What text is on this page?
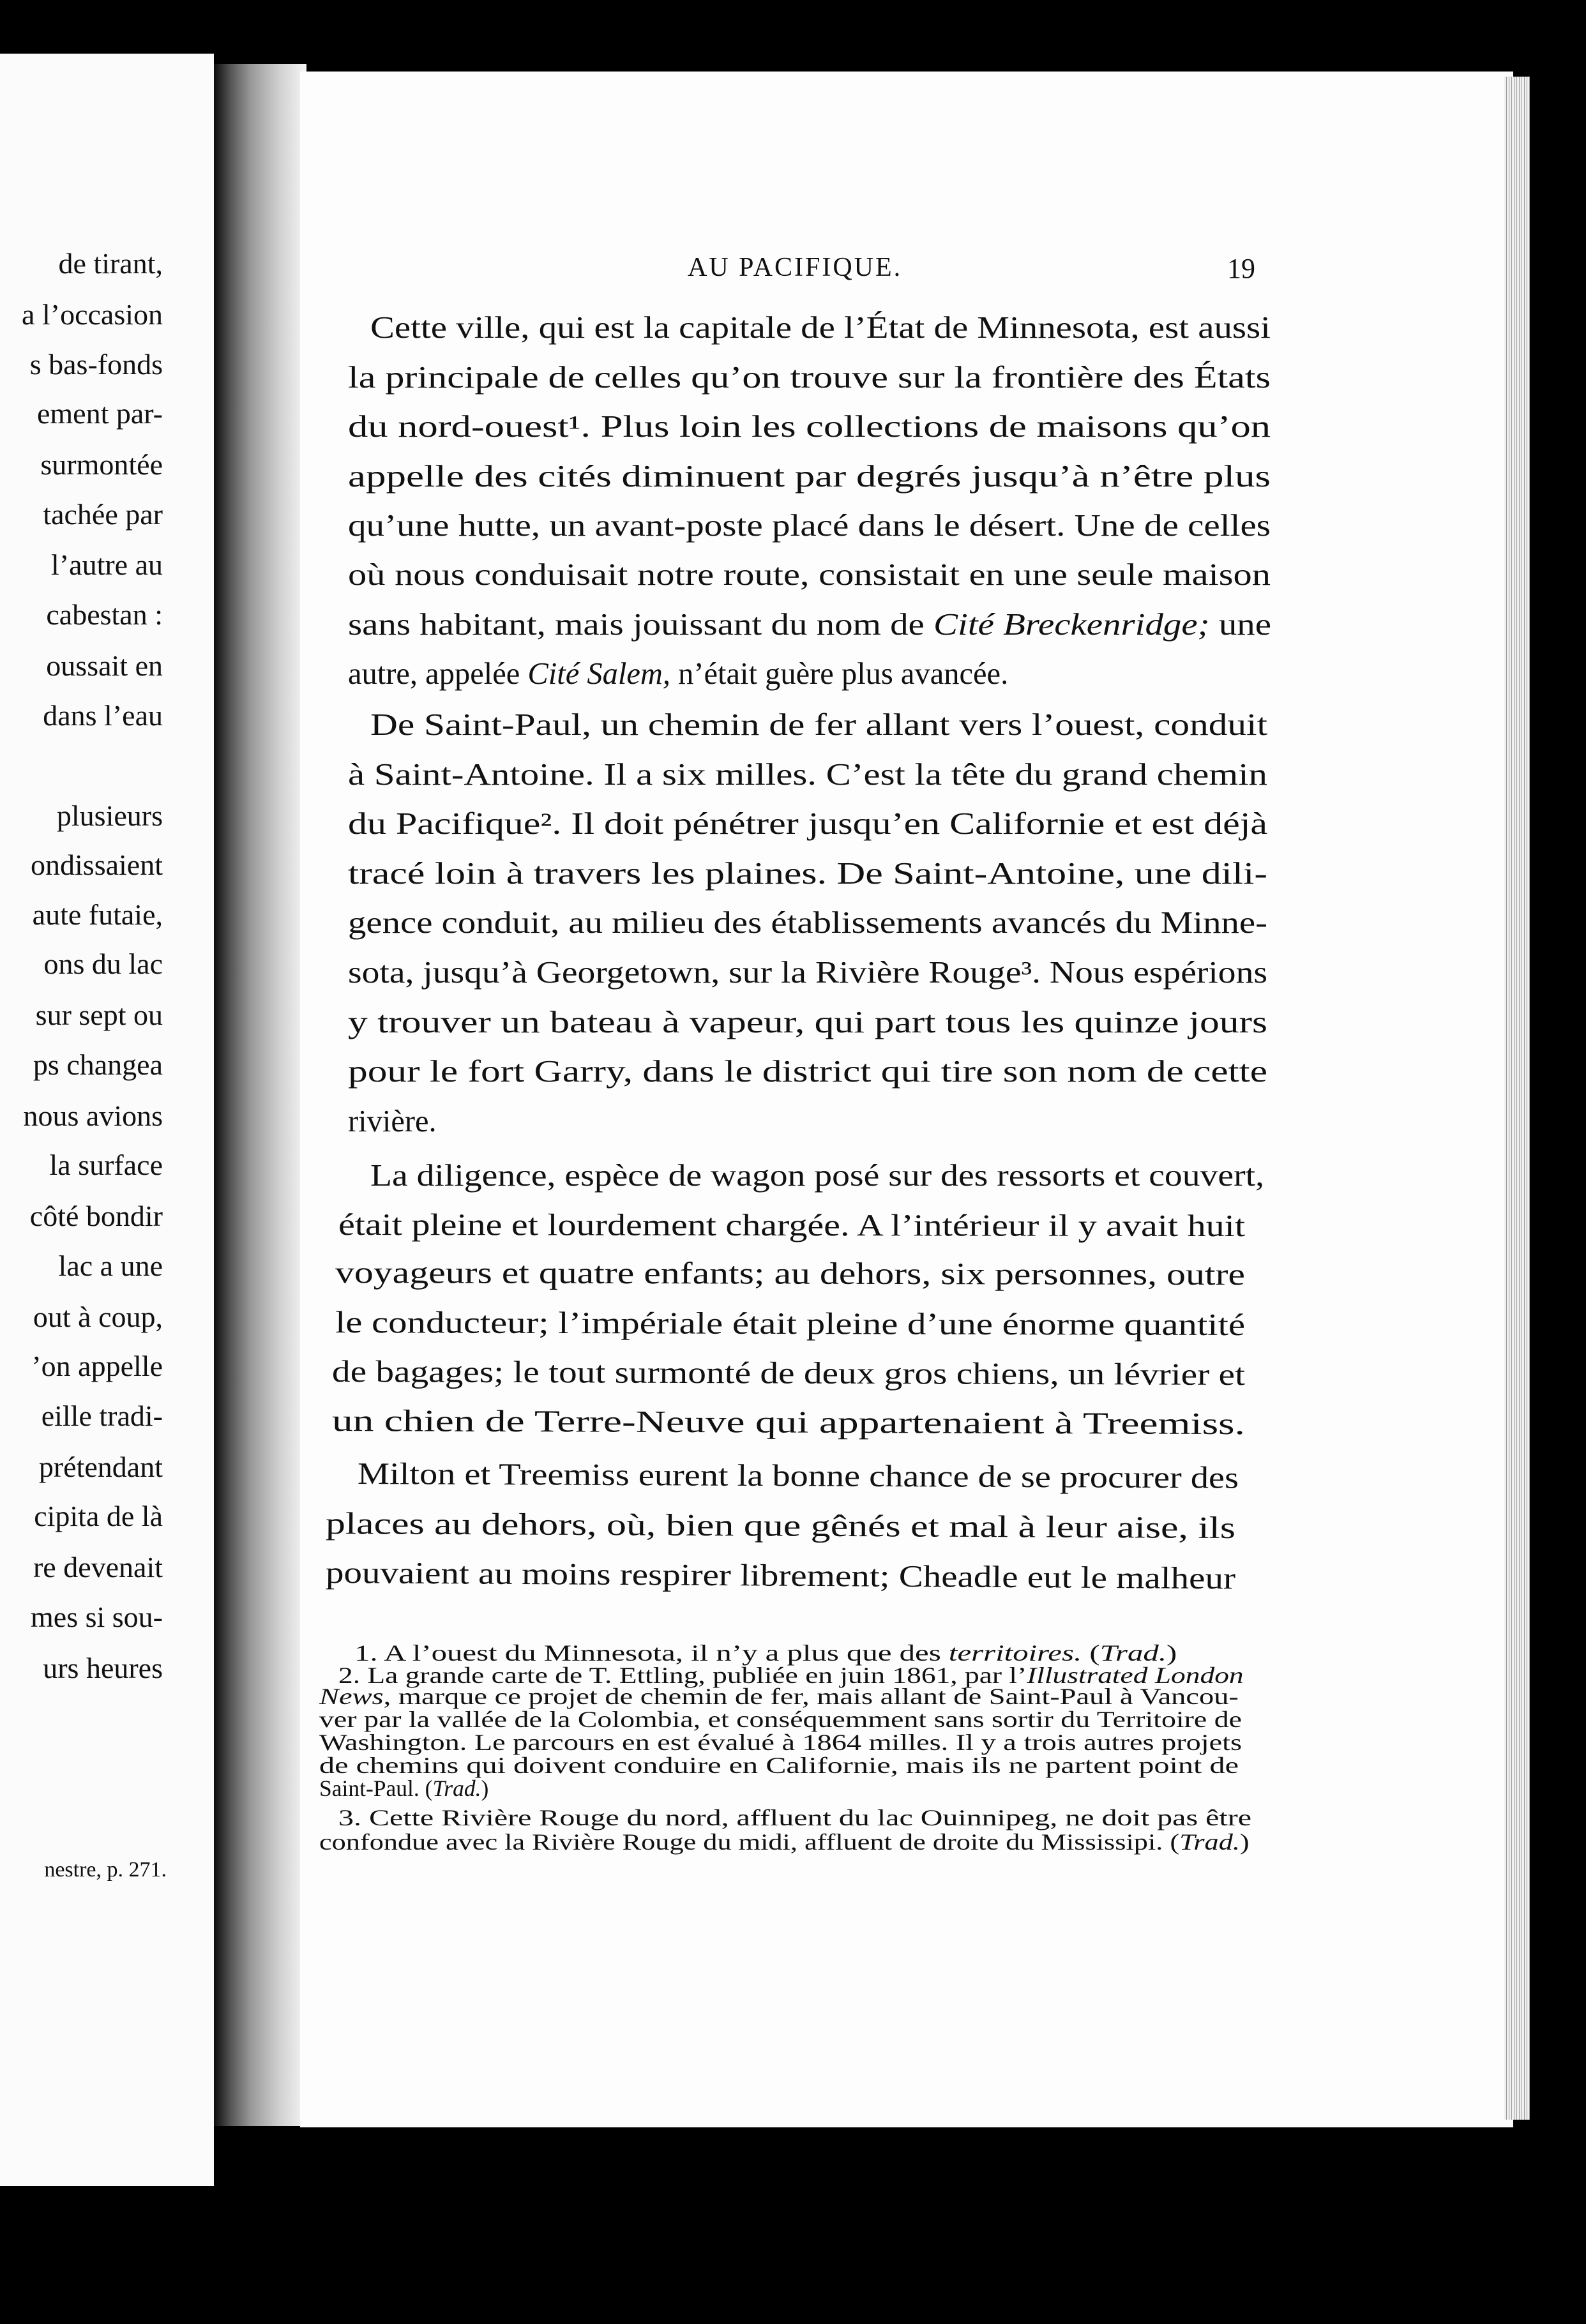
de tirant,
a l’occasion
s bas-fonds
ement par-
surmontée
tachée par
l’autre au
cabestan :
oussait en
dans l’eau
plusieurs
ondissaient
aute futaie,
ons du lac
sur sept ou
ps changea
nous avions
la surface
côté bondir
lac a une
out à coup,
’on appelle
eille tradi-
prétendant
cipita de là
re devenait
mes si sou-
urs heures
nestre, p. 271.
AU PACIFIQUE.	19
Cette ville, qui est la capitale de l’État de Minnesota, est aussi
la principale de celles qu’on trouve sur la frontière des États
du nord-ouest¹. Plus loin les collections de maisons qu’on
appelle des cités diminuent par degrés jusqu’à n’être plus
qu’une hutte, un avant-poste placé dans le désert. Une de celles
où nous conduisait notre route, consistait en une seule maison
sans habitant, mais jouissant du nom de Cité Breckenridge; une
autre, appelée Cité Salem, n’était guère plus avancée.
De Saint-Paul, un chemin de fer allant vers l’ouest, conduit
à Saint-Antoine. Il a six milles. C’est la tête du grand chemin
du Pacifique². Il doit pénétrer jusqu’en Californie et est déjà
tracé loin à travers les plaines. De Saint-Antoine, une dili-
gence conduit, au milieu des établissements avancés du Minne-
sota, jusqu’à Georgetown, sur la Rivière Rouge³. Nous espérions
y trouver un bateau à vapeur, qui part tous les quinze jours
pour le fort Garry, dans le district qui tire son nom de cette
rivière.
La diligence, espèce de wagon posé sur des ressorts et couvert,
était pleine et lourdement chargée. A l’intérieur il y avait huit
voyageurs et quatre enfants; au dehors, six personnes, outre
le conducteur; l’impériale était pleine d’une énorme quantité
de bagages; le tout surmonté de deux gros chiens, un lévrier et
un chien de Terre-Neuve qui appartenaient à Treemiss.
Milton et Treemiss eurent la bonne chance de se procurer des
places au dehors, où, bien que gênés et mal à leur aise, ils
pouvaient au moins respirer librement; Cheadle eut le malheur
1. A l’ouest du Minnesota, il n’y a plus que des territoires. (Trad.)
2. La grande carte de T. Ettling, publiée en juin 1861, par l’Illustrated London
News, marque ce projet de chemin de fer, mais allant de Saint-Paul à Vancou-
ver par la vallée de la Colombia, et conséquemment sans sortir du Territoire de
Washington. Le parcours en est évalué à 1864 milles. Il y a trois autres projets
de chemins qui doivent conduire en Californie, mais ils ne partent point de
Saint-Paul. (Trad.)
3. Cette Rivière Rouge du nord, affluent du lac Ouinnipeg, ne doit pas être
confondue avec la Rivière Rouge du midi, affluent de droite du Mississipi. (Trad.)
